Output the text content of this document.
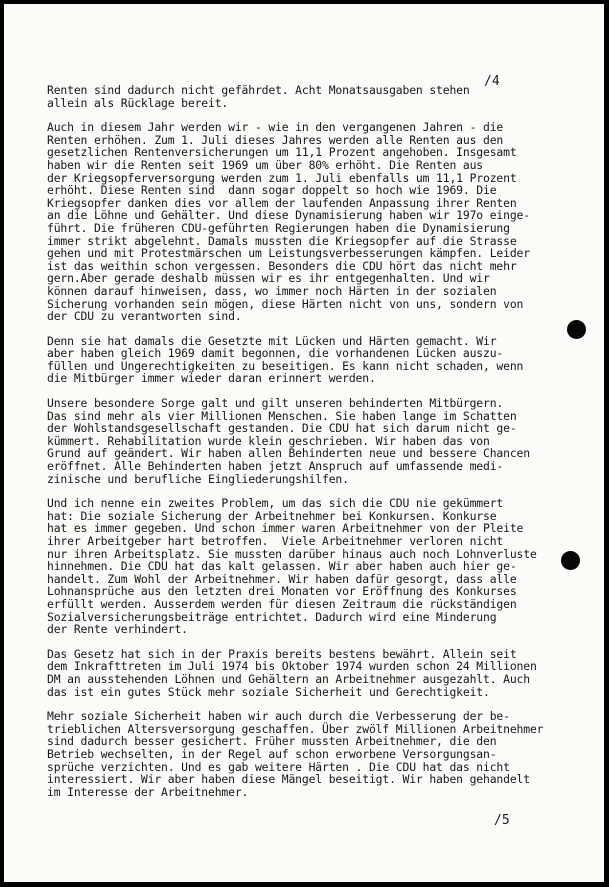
/4
Renten sind dadurch nicht gefährdet. Acht Monatsausgaben stehen
allein als Rücklage bereit.
Auch in diesem Jahr werden wir - wie in den vergangenen Jahren - die
Renten erhöhen. Zum 1. Juli dieses Jahres werden alle Renten aus den
gesetzlichen Rentenversicherungen um 11,1 Prozent angehoben. Insgesamt
haben wir die Renten seit 1969 um über 80% erhöht. Die Renten aus
der Kriegsopferversorgung werden zum 1. Juli ebenfalls um 11,1 Prozent
erhöht. Diese Renten sind  dann sogar doppelt so hoch wie 1969. Die
Kriegsopfer danken dies vor allem der laufenden Anpassung ihrer Renten
an die Löhne und Gehälter. Und diese Dynamisierung haben wir 197o einge-
führt. Die früheren CDU-geführten Regierungen haben die Dynamisierung
immer strikt abgelehnt. Damals mussten die Kriegsopfer auf die Strasse
gehen und mit Protestmärschen um Leistungsverbesserungen kämpfen. Leider
ist das weithin schon vergessen. Besonders die CDU hört das nicht mehr
gern.Aber gerade deshalb müssen wir es ihr entgegenhalten. Und wir
können darauf hinweisen, dass, wo immer noch Härten in der sozialen
Sicherung vorhanden sein mögen, diese Härten nicht von uns, sondern von
der CDU zu verantworten sind.
Denn sie hat damals die Gesetzte mit Lücken und Härten gemacht. Wir
aber haben gleich 1969 damit begonnen, die vorhandenen Lücken auszu-
füllen und Ungerechtigkeiten zu beseitigen. Es kann nicht schaden, wenn
die Mitbürger immer wieder daran erinnert werden.
Unsere besondere Sorge galt und gilt unseren behinderten Mitbürgern.
Das sind mehr als vier Millionen Menschen. Sie haben lange im Schatten
der Wohlstandsgesellschaft gestanden. Die CDU hat sich darum nicht ge-
kümmert. Rehabilitation wurde klein geschrieben. Wir haben das von
Grund auf geändert. Wir haben allen Behinderten neue und bessere Chancen
eröffnet. Alle Behinderten haben jetzt Anspruch auf umfassende medi-
zinische und berufliche Eingliederungshilfen.
Und ich nenne ein zweites Problem, um das sich die CDU nie gekümmert
hat: Die soziale Sicherung der Arbeitnehmer bei Konkursen. Konkurse
hat es immer gegeben. Und schon immer waren Arbeitnehmer von der Pleite
ihrer Arbeitgeber hart betroffen.  Viele Arbeitnehmer verloren nicht
nur ihren Arbeitsplatz. Sie mussten darüber hinaus auch noch Lohnverluste
hinnehmen. Die CDU hat das kalt gelassen. Wir aber haben auch hier ge-
handelt. Zum Wohl der Arbeitnehmer. Wir haben dafür gesorgt, dass alle
Lohnansprüche aus den letzten drei Monaten vor Eröffnung des Konkurses
erfüllt werden. Ausserdem werden für diesen Zeitraum die rückständigen
Sozialversicherungsbeiträge entrichtet. Dadurch wird eine Minderung
der Rente verhindert.
Das Gesetz hat sich in der Praxis bereits bestens bewährt. Allein seit
dem Inkrafttreten im Juli 1974 bis Oktober 1974 wurden schon 24 Millionen
DM an ausstehenden Löhnen und Gehältern an Arbeitnehmer ausgezahlt. Auch
das ist ein gutes Stück mehr soziale Sicherheit und Gerechtigkeit.
Mehr soziale Sicherheit haben wir auch durch die Verbesserung der be-
trieblichen Altersversorgung geschaffen. Über zwölf Millionen Arbeitnehmer
sind dadurch besser gesichert. Früher mussten Arbeitnehmer, die den
Betrieb wechselten, in der Regel auf schon erworbene Versorgungsan-
sprüche verzichten. Und es gab weitere Härten . Die CDU hat das nicht
interessiert. Wir aber haben diese Mängel beseitigt. Wir haben gehandelt
im Interesse der Arbeitnehmer.
/5
